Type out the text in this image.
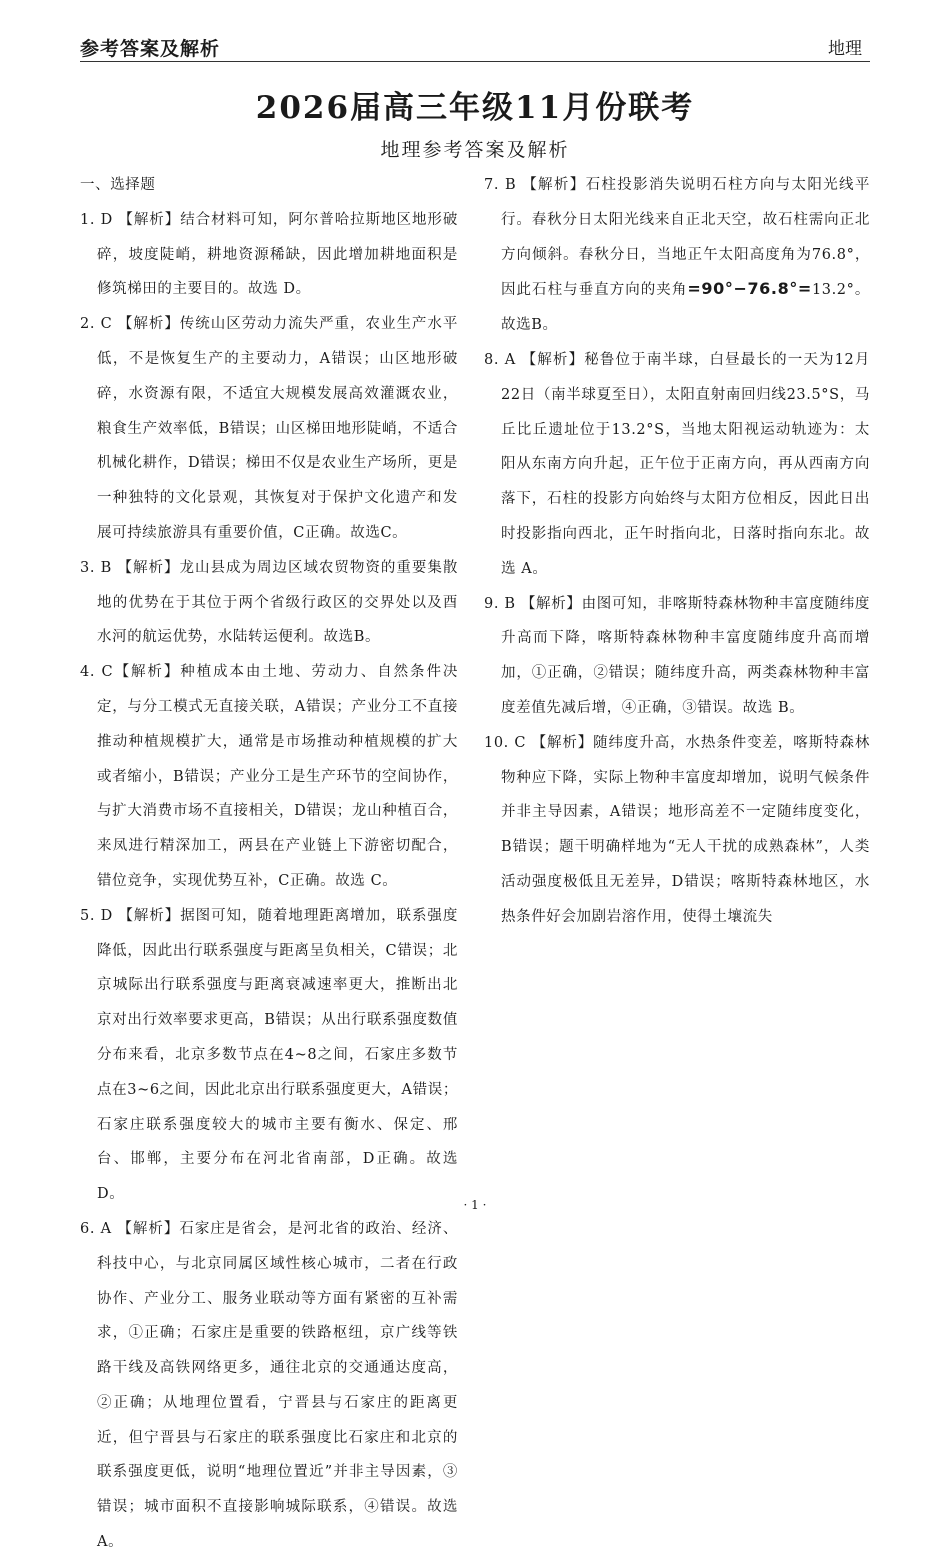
参考答案及解析	地理
2026届高三年级11月份联考
地理参考答案及解析

一、选择题

1. D 【解析】结合材料可知，阿尔普哈拉斯地区地形破碎，坡度陡峭，耕地资源稀缺，因此增加耕地面积是修筑梯田的主要目的。故选 D。

2. C 【解析】传统山区劳动力流失严重，农业生产水平低，不是恢复生产的主要动力，A错误；山区地形破碎，水资源有限，不适宜大规模发展高效灌溉农业，粮食生产效率低，B错误；山区梯田地形陡峭，不适合机械化耕作，D错误；梯田不仅是农业生产场所，更是一种独特的文化景观，其恢复对于保护文化遗产和发展可持续旅游具有重要价值，C正确。故选C。

3. B 【解析】龙山县成为周边区域农贸物资的重要集散地的优势在于其位于两个省级行政区的交界处以及酉水河的航运优势，水陆转运便利。故选B。

4. C【解析】种植成本由土地、劳动力、自然条件决定，与分工模式无直接关联，A错误；产业分工不直接推动种植规模扩大，通常是市场推动种植规模的扩大或者缩小，B错误；产业分工是生产环节的空间协作，与扩大消费市场不直接相关，D错误；龙山种植百合，来凤进行精深加工，两县在产业链上下游密切配合，错位竞争，实现优势互补，C正确。故选 C。

5. D 【解析】据图可知，随着地理距离增加，联系强度降低，因此出行联系强度与距离呈负相关，C错误；北京城际出行联系强度与距离衰减速率更大，推断出北京对出行效率要求更高，B错误；从出行联系强度数值分布来看，北京多数节点在4~8之间，石家庄多数节点在3~6之间，因此北京出行联系强度更大，A错误；石家庄联系强度较大的城市主要有衡水、保定、邢台、邯郸，主要分布在河北省南部，D正确。故选 D。

6. A 【解析】石家庄是省会，是河北省的政治、经济、科技中心，与北京同属区域性核心城市，二者在行政协作、产业分工、服务业联动等方面有紧密的互补需求，①正确；石家庄是重要的铁路枢纽，京广线等铁路干线及高铁网络更多，通往北京的交通通达度高，②正确；从地理位置看，宁晋县与石家庄的距离更近，但宁晋县与石家庄的联系强度比石家庄和北京的联系强度更低，说明“地理位置近”并非主导因素，③错误；城市面积不直接影响城际联系，④错误。故选A。

7. B 【解析】石柱投影消失说明石柱方向与太阳光线平行。春秋分日太阳光线来自正北天空，故石柱需向正北方向倾斜。春秋分日，当地正午太阳高度角为76.8°，因此石柱与垂直方向的夹角=90°−76.8°=13.2°。故选B。

8. A 【解析】秘鲁位于南半球，白昼最长的一天为12月22日（南半球夏至日），太阳直射南回归线23.5°S，马丘比丘遗址位于13.2°S，当地太阳视运动轨迹为：太阳从东南方向升起，正午位于正南方向，再从西南方向落下，石柱的投影方向始终与太阳方位相反，因此日出时投影指向西北，正午时指向北，日落时指向东北。故选 A。

9. B 【解析】由图可知，非喀斯特森林物种丰富度随纬度升高而下降，喀斯特森林物种丰富度随纬度升高而增加，①正确，②错误；随纬度升高，两类森林物种丰富度差值先减后增，④正确，③错误。故选 B。

10. C 【解析】随纬度升高，水热条件变差，喀斯特森林物种应下降，实际上物种丰富度却增加，说明气候条件并非主导因素，A错误；地形高差不一定随纬度变化，B错误；题干明确样地为“无人干扰的成熟森林”，人类活动强度极低且无差异，D错误；喀斯特森林地区，水热条件好会加剧岩溶作用，使得土壤流失

· 1 ·
